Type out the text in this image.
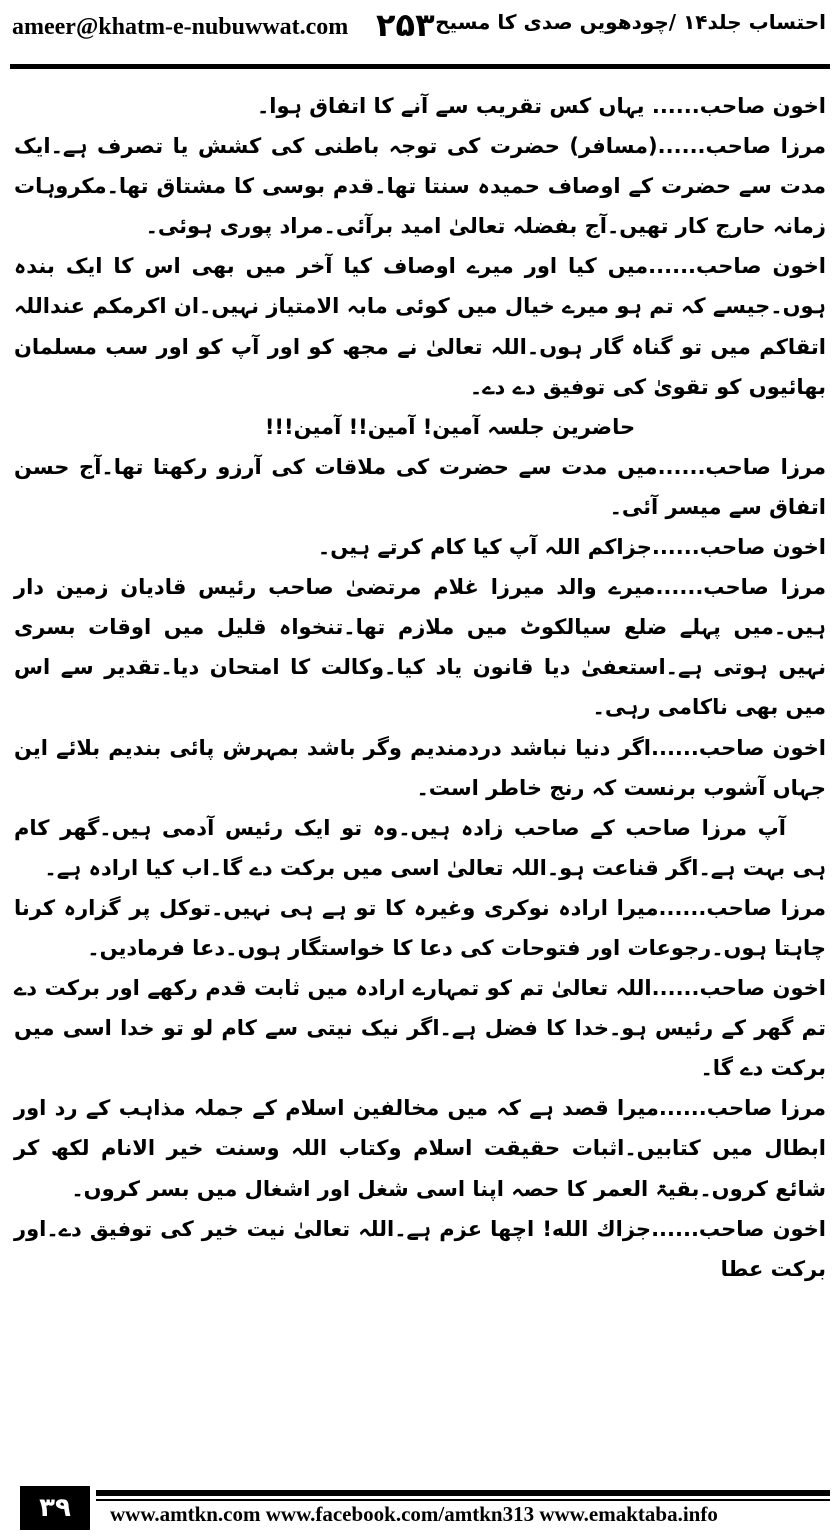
ameer@khatm-e-nubuwwat.com ۲۵۳ احتساب جلد۱۴ /چودھویں صدی کا مسیح

اخون صاحب...... یہاں کس تقریب سے آنے کا اتفاق ہوا۔

مرزا صاحب......(مسافر) حضرت کی توجہ باطنی کی کشش یا تصرف ہے۔ایک مدت سے حضرت کے اوصاف حمیدہ سنتا تھا۔قدم بوسی کا مشتاق تھا۔مکروہات زمانہ حارج کار تھیں۔آج بفضلہ تعالیٰ امید برآئی۔مراد پوری ہوئی۔

اخون صاحب......میں کیا اور میرے اوصاف کیا آخر میں بھی اس کا ایک بندہ ہوں۔جیسے کہ تم ہو میرے خیال میں کوئی مابہ الامتیاز نہیں۔ان اکرمکم عنداللہ اتقاکم میں تو گناہ گار ہوں۔اللہ تعالیٰ نے مجھ کو اور آپ کو اور سب مسلمان بھائیوں کو تقویٰ کی توفیق دے دے۔

حاضرین جلسہ آمین! آمین!! آمین!!!

مرزا صاحب......میں مدت سے حضرت کی ملاقات کی آرزو رکھتا تھا۔آج حسن اتفاق سے میسر آئی۔

اخون صاحب......جزاکم اللہ آپ کیا کام کرتے ہیں۔

مرزا صاحب......میرے والد میرزا غلام مرتضیٰ صاحب رئیس قادیان زمین دار ہیں۔میں پہلے ضلع سیالکوٹ میں ملازم تھا۔تنخواہ قلیل میں اوقات بسری نہیں ہوتی ہے۔استعفیٰ دیا قانون یاد کیا۔وکالت کا امتحان دیا۔تقدیر سے اس میں بھی ناکامی رہی۔

اخون صاحب......اگر دنیا نباشد دردمندیم وگر باشد بمہرش پائی بندیم بلائے این جہاں آشوب برنست کہ رنج خاطر است۔

آپ مرزا صاحب کے صاحب زادہ ہیں۔وہ تو ایک رئیس آدمی ہیں۔گھر کام ہی بہت ہے۔اگر قناعت ہو۔اللہ تعالیٰ اسی میں برکت دے گا۔اب کیا ارادہ ہے۔

مرزا صاحب......میرا ارادہ نوکری وغیرہ کا تو ہے ہی نہیں۔توکل پر گزارہ کرنا چاہتا ہوں۔رجوعات اور فتوحات کی دعا کا خواستگار ہوں۔دعا فرمادیں۔

اخون صاحب......اللہ تعالیٰ تم کو تمہارے ارادہ میں ثابت قدم رکھے اور برکت دے تم گھر کے رئیس ہو۔خدا کا فضل ہے۔اگر نیک نیتی سے کام لو تو خدا اسی میں برکت دے گا۔

مرزا صاحب......میرا قصد ہے کہ میں مخالفین اسلام کے جملہ مذاہب کے رد اور ابطال میں کتابیں۔اثبات حقیقت اسلام وکتاب اللہ وسنت خیر الانام لکھ کر شائع کروں۔بقیۃ العمر کا حصہ اپنا اسی شغل اور اشغال میں بسر کروں۔

اخون صاحب......جزاك الله! اچھا عزم ہے۔اللہ تعالیٰ نیت خیر کی توفیق دے۔اور برکت عطا

۳۹	www.amtkn.com www.facebook.com/amtkn313 www.emaktaba.info
